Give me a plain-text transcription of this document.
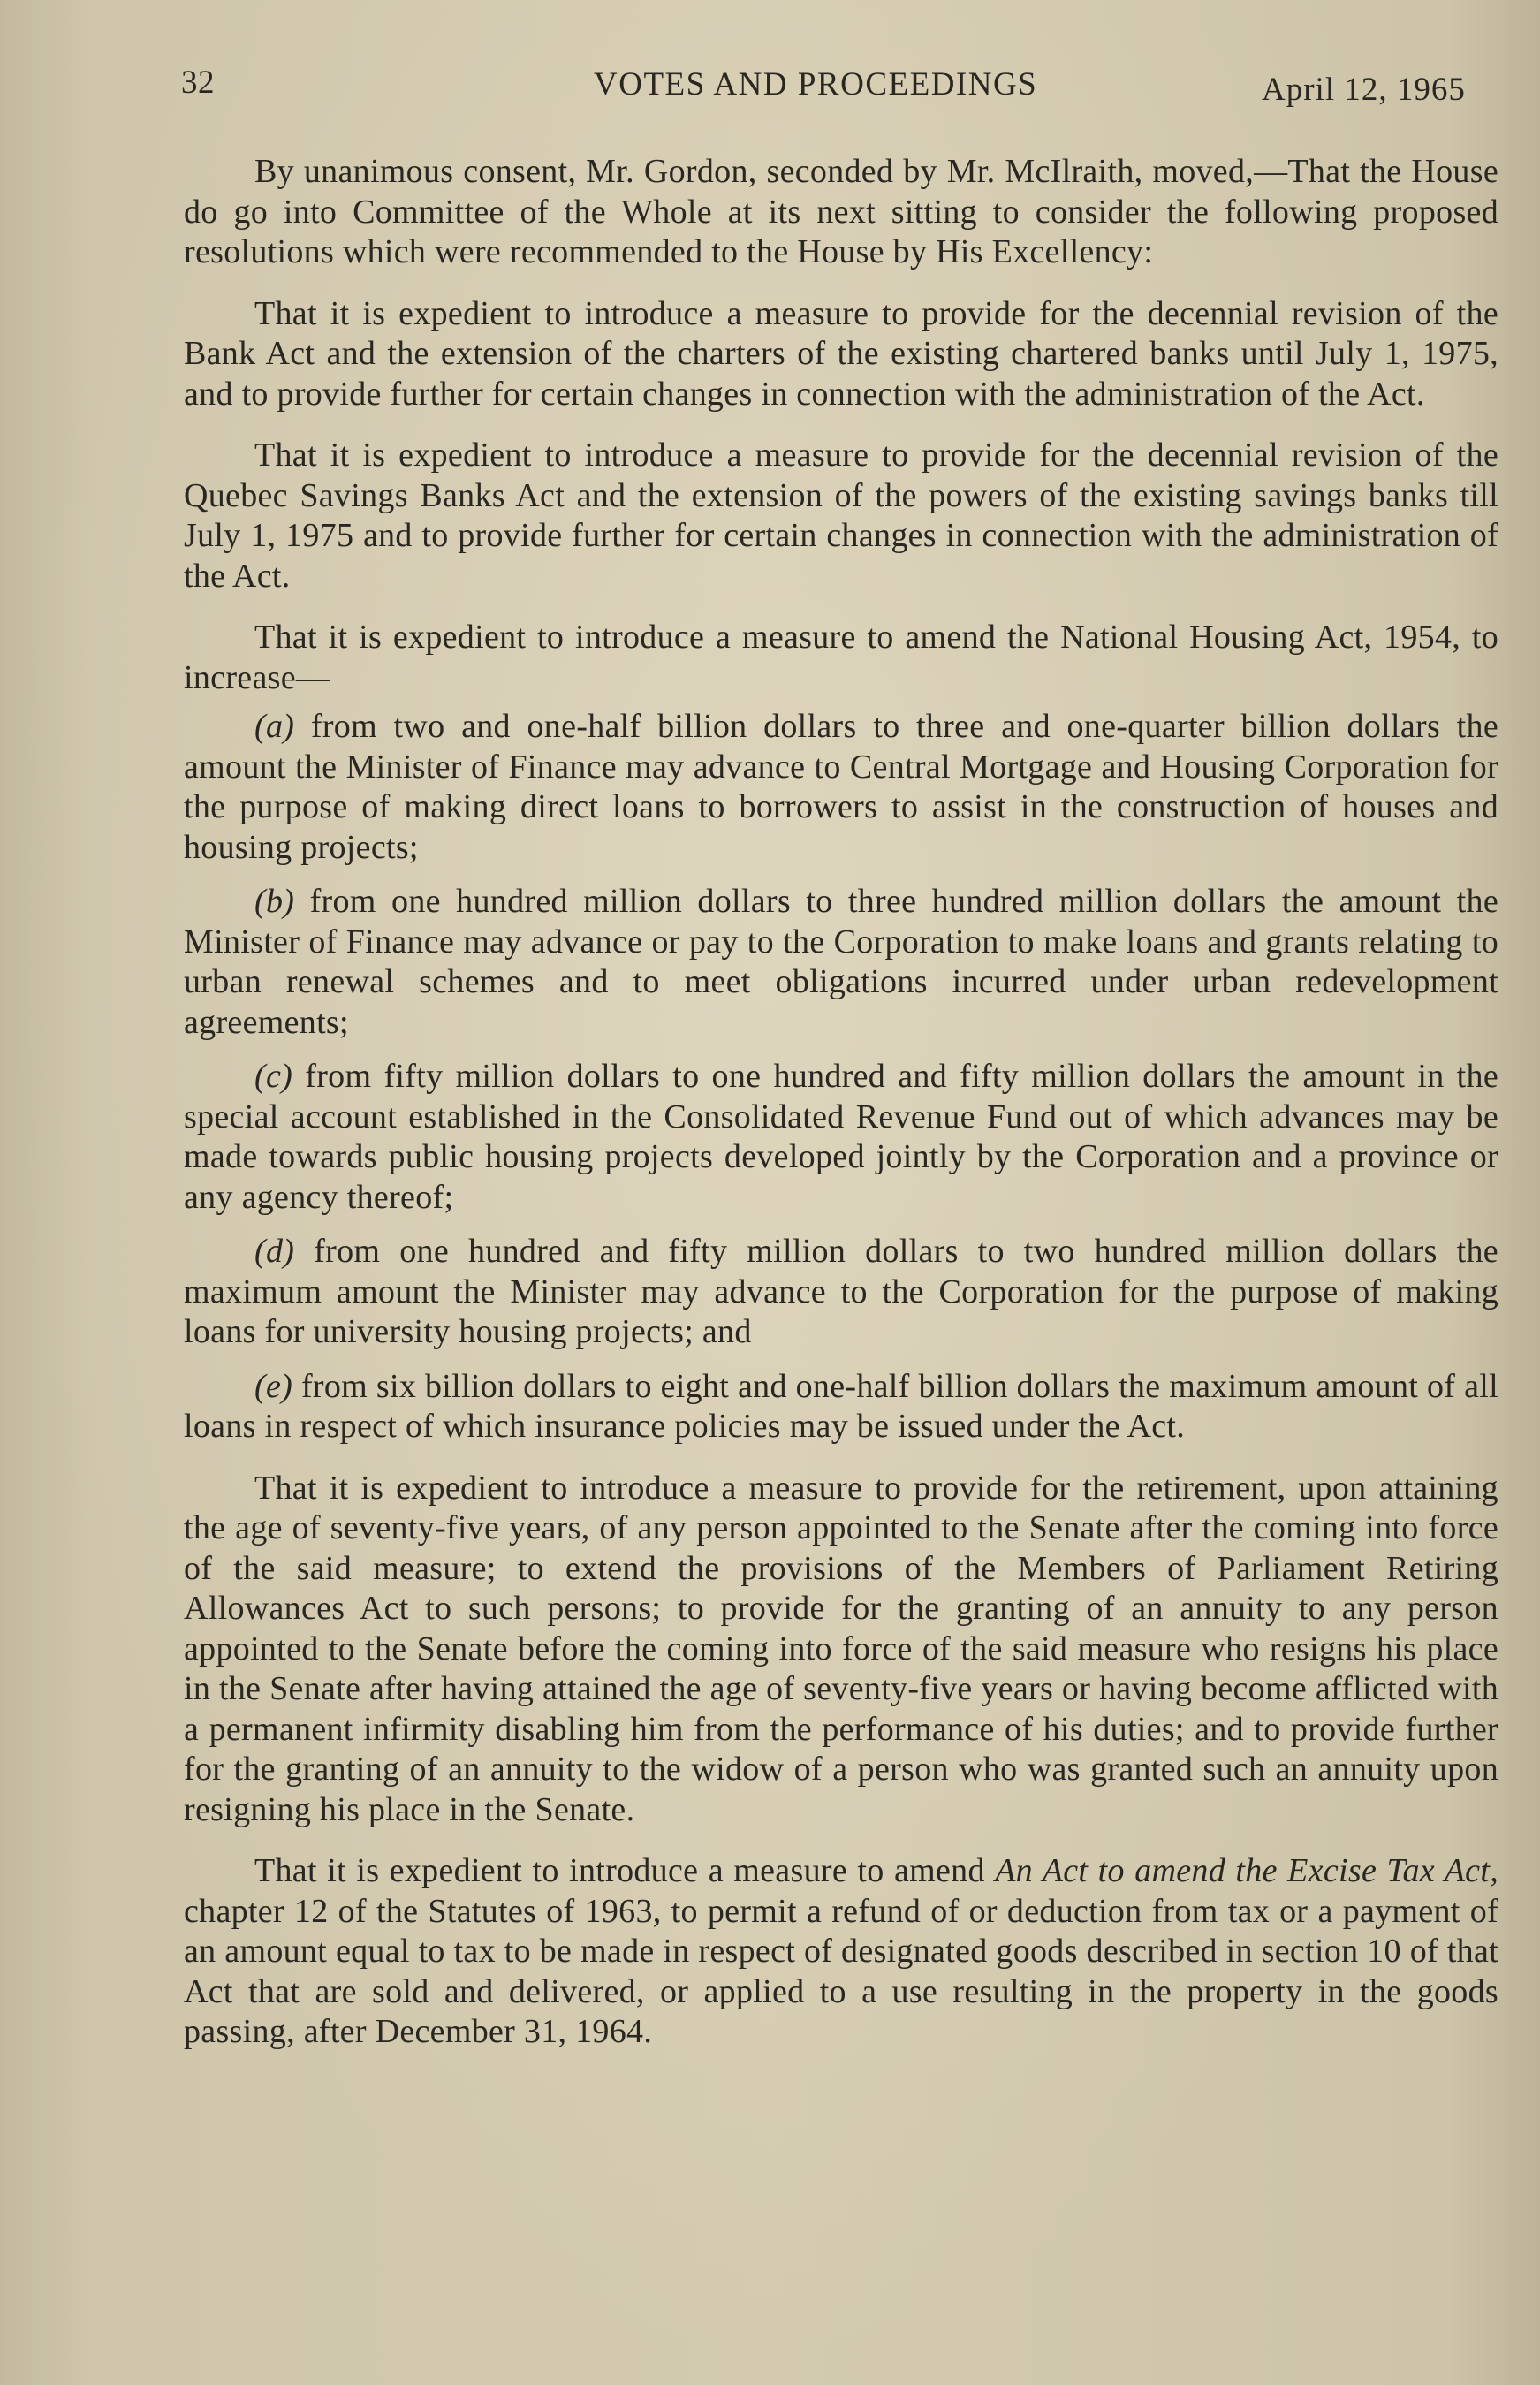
32	VOTES AND PROCEEDINGS	April 12, 1965

By unanimous consent, Mr. Gordon, seconded by Mr. McIlraith, moved,—That the House do go into Committee of the Whole at its next sitting to consider the following proposed resolutions which were recommended to the House by His Excellency:

That it is expedient to introduce a measure to provide for the decennial revision of the Bank Act and the extension of the charters of the existing chartered banks until July 1, 1975, and to provide further for certain changes in connection with the administration of the Act.

That it is expedient to introduce a measure to provide for the decennial revision of the Quebec Savings Banks Act and the extension of the powers of the existing savings banks till July 1, 1975 and to provide further for certain changes in connection with the administration of the Act.

That it is expedient to introduce a measure to amend the National Housing Act, 1954, to increase—

(a) from two and one-half billion dollars to three and one-quarter billion dollars the amount the Minister of Finance may advance to Central Mortgage and Housing Corporation for the purpose of making direct loans to borrowers to assist in the construction of houses and housing projects;

(b) from one hundred million dollars to three hundred million dollars the amount the Minister of Finance may advance or pay to the Corporation to make loans and grants relating to urban renewal schemes and to meet obligations incurred under urban redevelopment agreements;

(c) from fifty million dollars to one hundred and fifty million dollars the amount in the special account established in the Consolidated Revenue Fund out of which advances may be made towards public housing projects developed jointly by the Corporation and a province or any agency thereof;

(d) from one hundred and fifty million dollars to two hundred million dollars the maximum amount the Minister may advance to the Corporation for the purpose of making loans for university housing projects; and

(e) from six billion dollars to eight and one-half billion dollars the maximum amount of all loans in respect of which insurance policies may be issued under the Act.

That it is expedient to introduce a measure to provide for the retirement, upon attaining the age of seventy-five years, of any person appointed to the Senate after the coming into force of the said measure; to extend the provisions of the Members of Parliament Retiring Allowances Act to such persons; to provide for the granting of an annuity to any person appointed to the Senate before the coming into force of the said measure who resigns his place in the Senate after having attained the age of seventy-five years or having become afflicted with a permanent infirmity disabling him from the performance of his duties; and to provide further for the granting of an annuity to the widow of a person who was granted such an annuity upon resigning his place in the Senate.

That it is expedient to introduce a measure to amend An Act to amend the Excise Tax Act, chapter 12 of the Statutes of 1963, to permit a refund of or deduction from tax or a payment of an amount equal to tax to be made in respect of designated goods described in section 10 of that Act that are sold and delivered, or applied to a use resulting in the property in the goods passing, after December 31, 1964.
